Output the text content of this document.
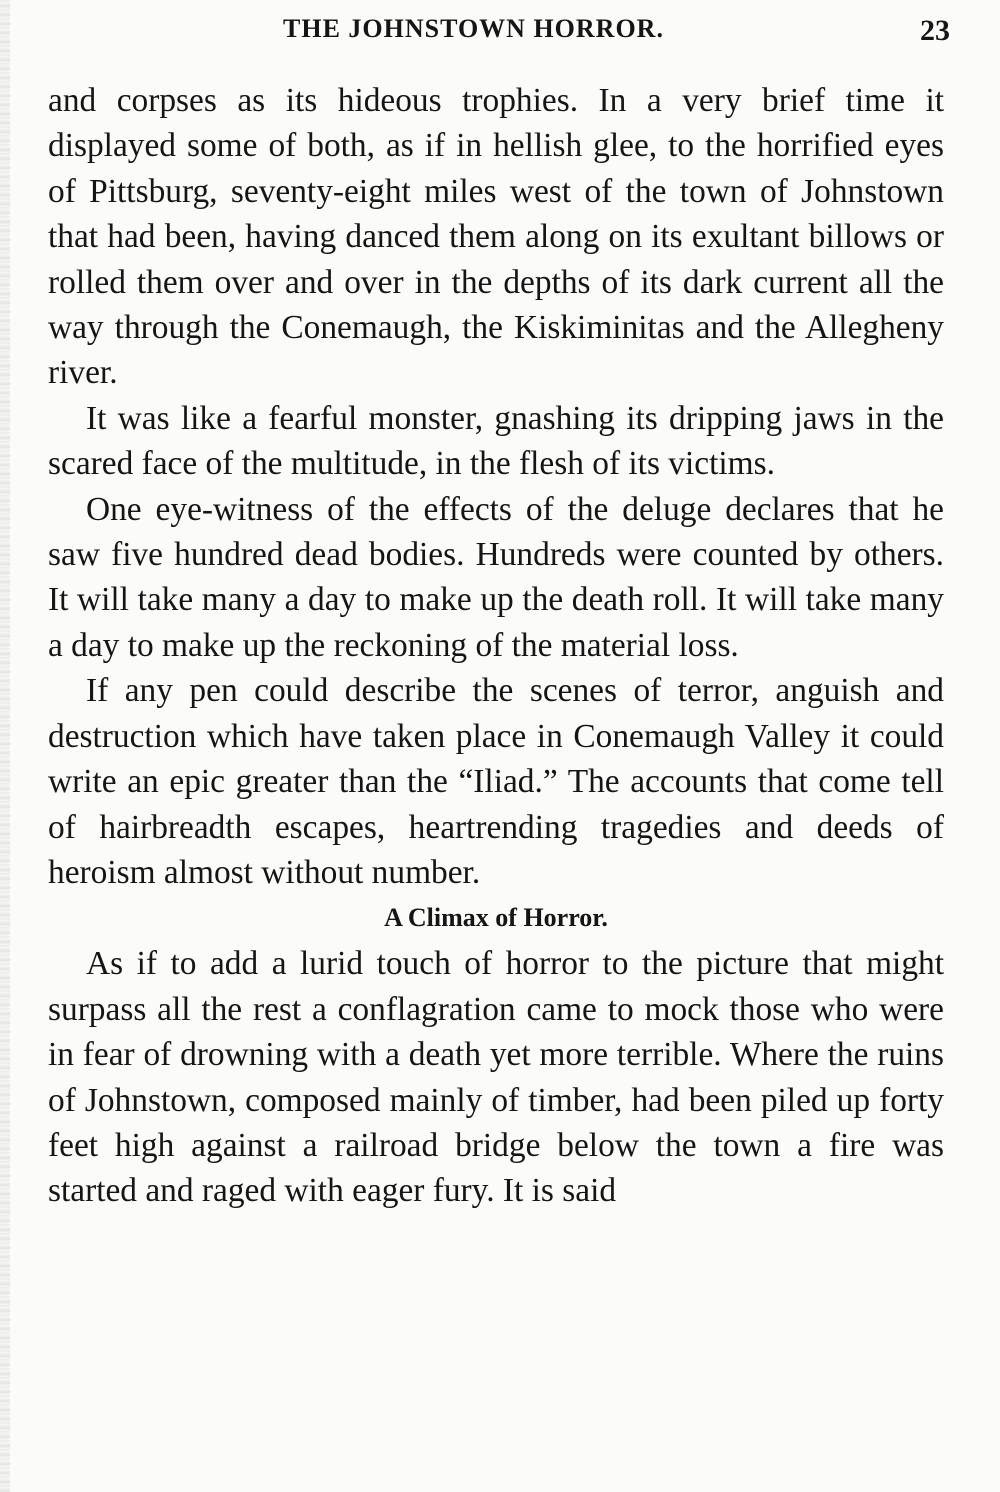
THE JOHNSTOWN HORROR.	23

and corpses as its hideous trophies. In a very brief time it displayed some of both, as if in hellish glee, to the horrified eyes of Pittsburg, seventy-eight miles west of the town of Johnstown that had been, having danced them along on its exultant billows or rolled them over and over in the depths of its dark current all the way through the Conemaugh, the Kiskiminitas and the Allegheny river.

It was like a fearful monster, gnashing its dripping jaws in the scared face of the multitude, in the flesh of its victims.

One eye-witness of the effects of the deluge declares that he saw five hundred dead bodies. Hundreds were counted by others. It will take many a day to make up the death roll. It will take many a day to make up the reckoning of the material loss.

If any pen could describe the scenes of terror, anguish and destruction which have taken place in Conemaugh Valley it could write an epic greater than the “Iliad.” The accounts that come tell of hairbreadth escapes, heartrending tragedies and deeds of heroism almost without number.

A Climax of Horror.

As if to add a lurid touch of horror to the picture that might surpass all the rest a conflagration came to mock those who were in fear of drowning with a death yet more terrible. Where the ruins of Johnstown, composed mainly of timber, had been piled up forty feet high against a railroad bridge below the town a fire was started and raged with eager fury. It is said
